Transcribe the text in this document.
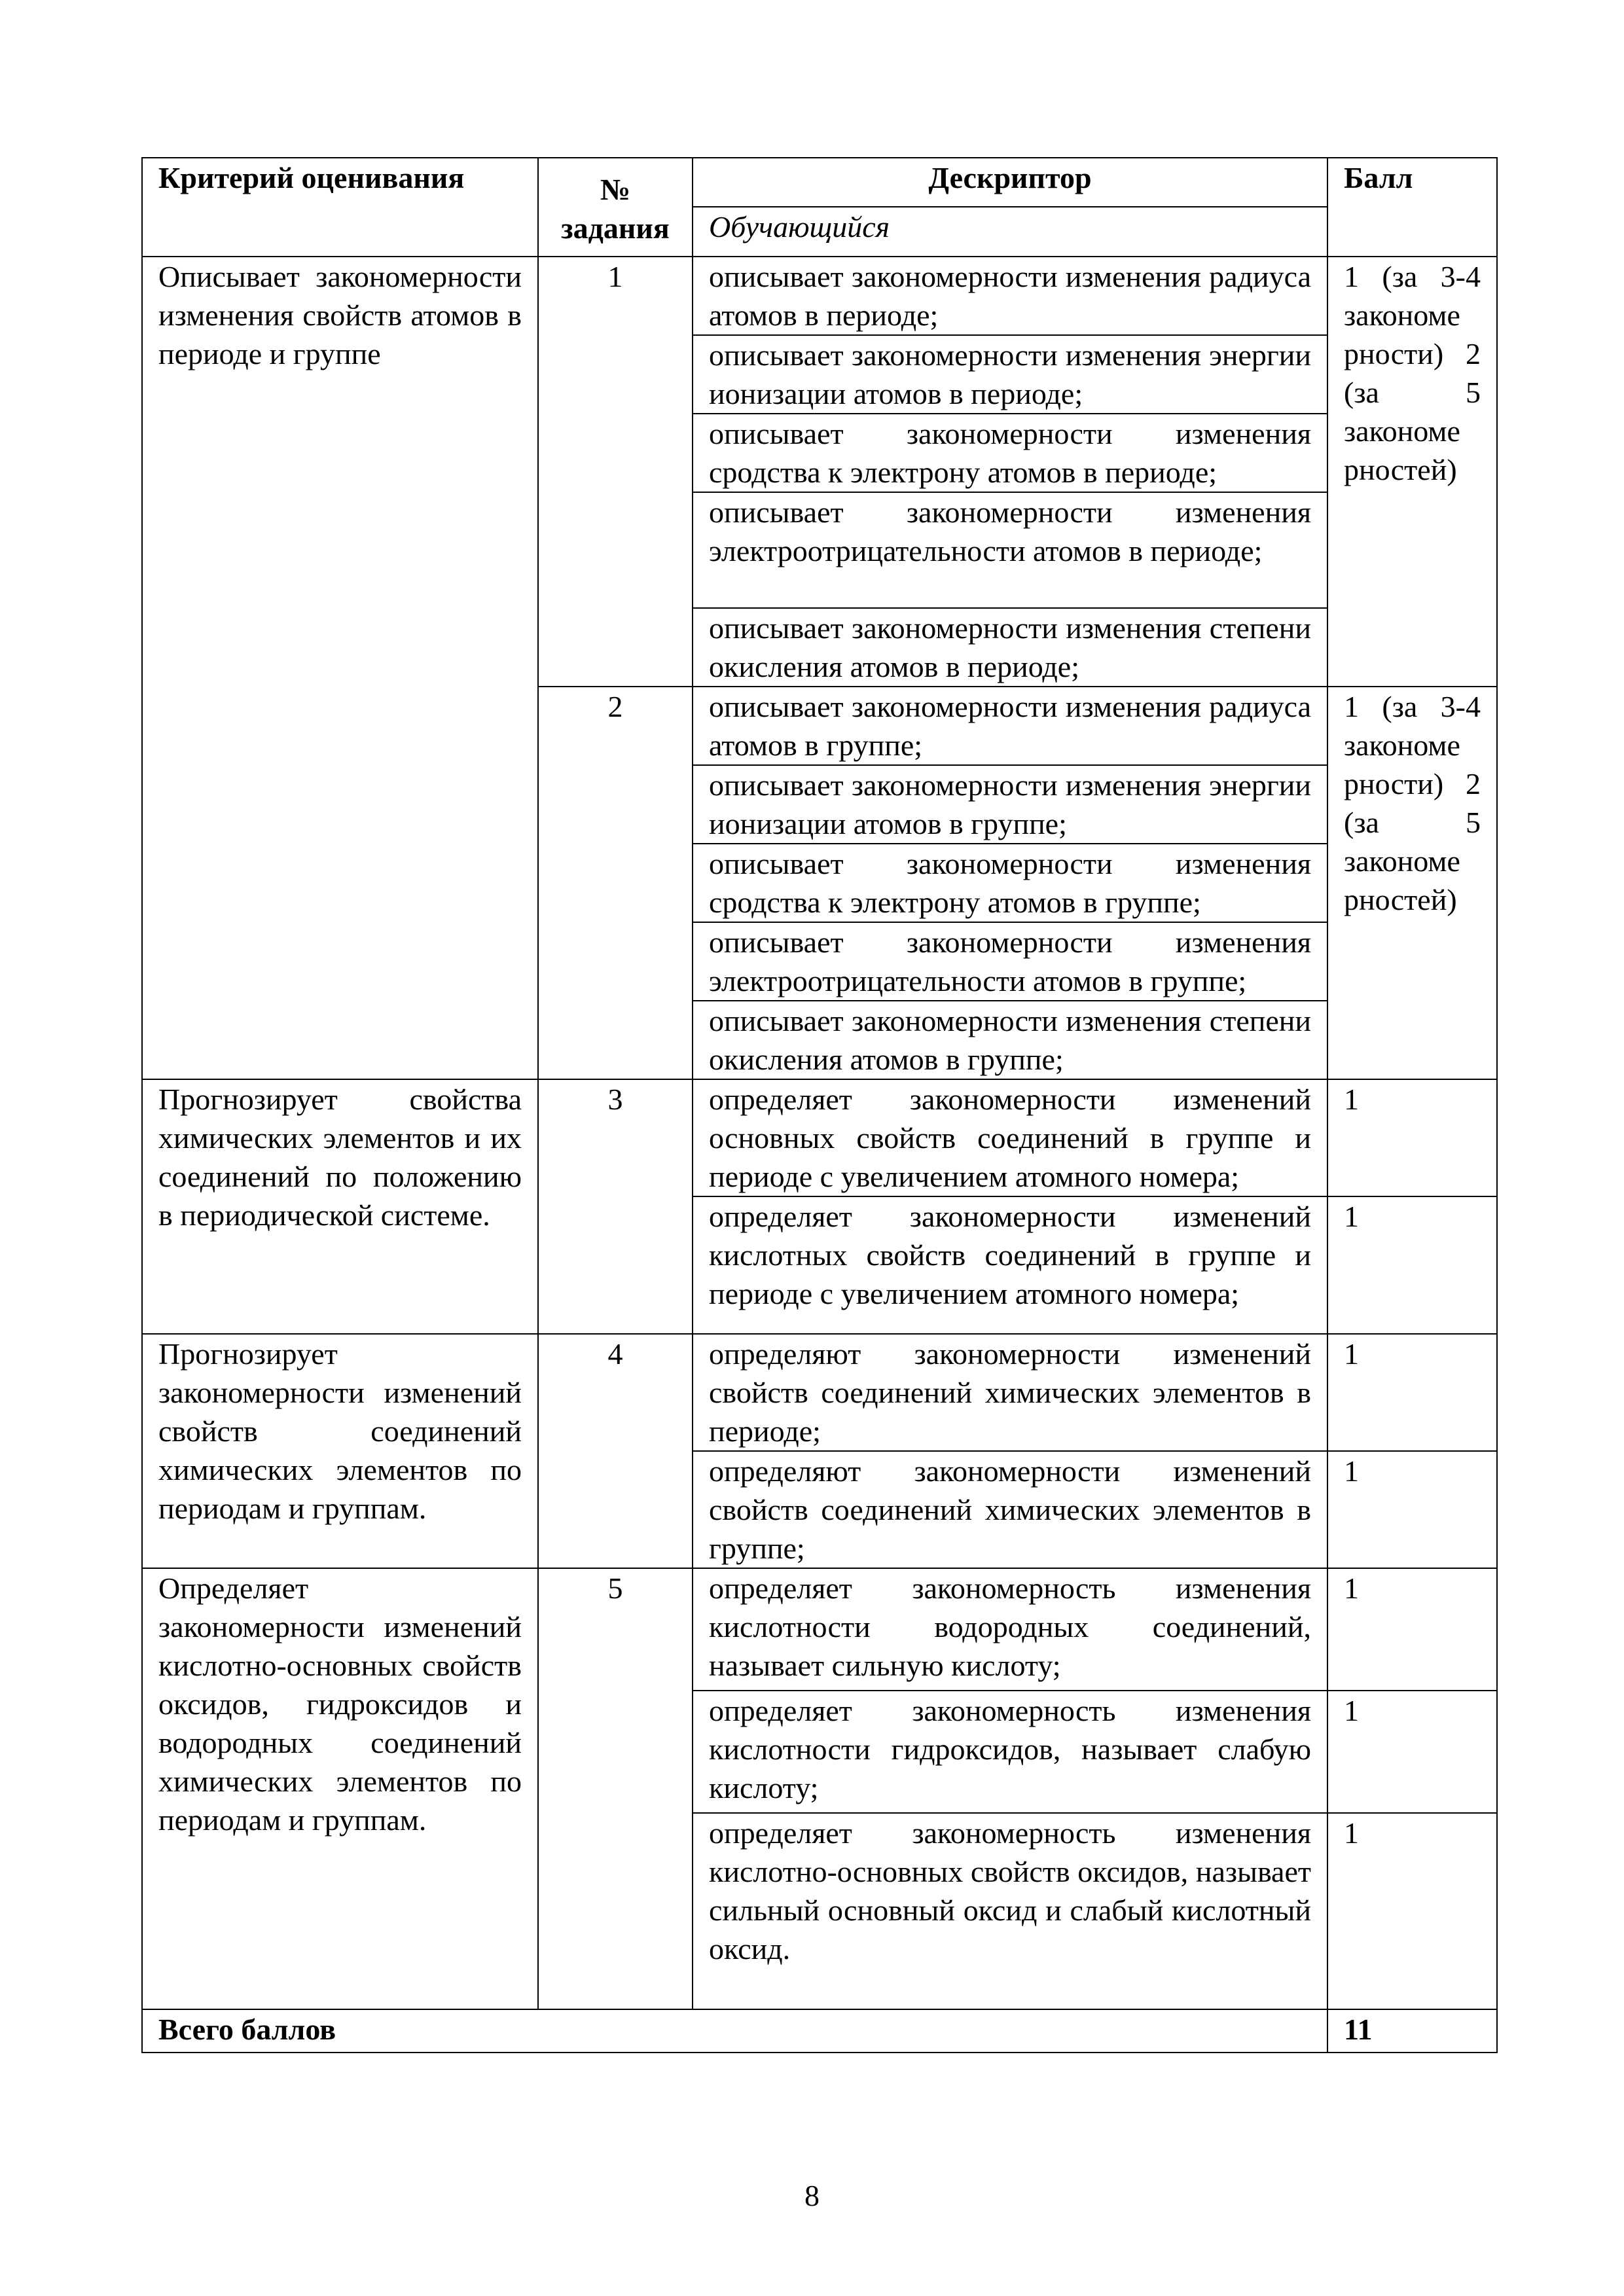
Критерий оценивания	№ задания	Дескриптор	Балл
		Обучающийся	
Описывает закономерности изменения свойств атомов в периоде и группе	1	описывает закономерности изменения радиуса атомов в периоде;	1 (за 3-4 закономе рности) 2 (за 5 закономе рностей)
		описывает закономерности изменения энергии ионизации атомов в периоде;	
		описывает закономерности изменения сродства к электрону атомов в периоде;	
		описывает закономерности изменения электроотрицательности атомов в периоде;	
		описывает закономерности изменения степени окисления атомов в периоде;	
	2	описывает закономерности изменения радиуса атомов в группе;	1 (за 3-4 закономе рности) 2 (за 5 закономе рностей)
		описывает закономерности изменения энергии ионизации атомов в группе;	
		описывает закономерности изменения сродства к электрону атомов в группе;	
		описывает закономерности изменения электроотрицательности атомов в группе;	
		описывает закономерности изменения степени окисления атомов в группе;	
Прогнозирует свойства химических элементов и их соединений по положению в периодической системе.	3	определяет закономерности изменений основных свойств соединений в группе и периоде с увеличением атомного номера;	1
		определяет закономерности изменений кислотных свойств соединений в группе и периоде с увеличением атомного номера;	1
Прогнозирует закономерности изменений свойств соединений химических элементов по периодам и группам.	4	определяют закономерности изменений свойств соединений химических элементов в периоде;	1
		определяют закономерности изменений свойств соединений химических элементов в группе;	1
Определяет закономерности изменений кислотно-основных свойств оксидов, гидроксидов и водородных соединений химических элементов по периодам и группам.	5	определяет закономерность изменения кислотности водородных соединений, называет сильную кислоту;	1
		определяет закономерность изменения кислотности гидроксидов, называет слабую кислоту;	1
		определяет закономерность изменения кислотно-основных свойств оксидов, называет сильный основный оксид и слабый кислотный оксид.	1
Всего баллов			11
8
